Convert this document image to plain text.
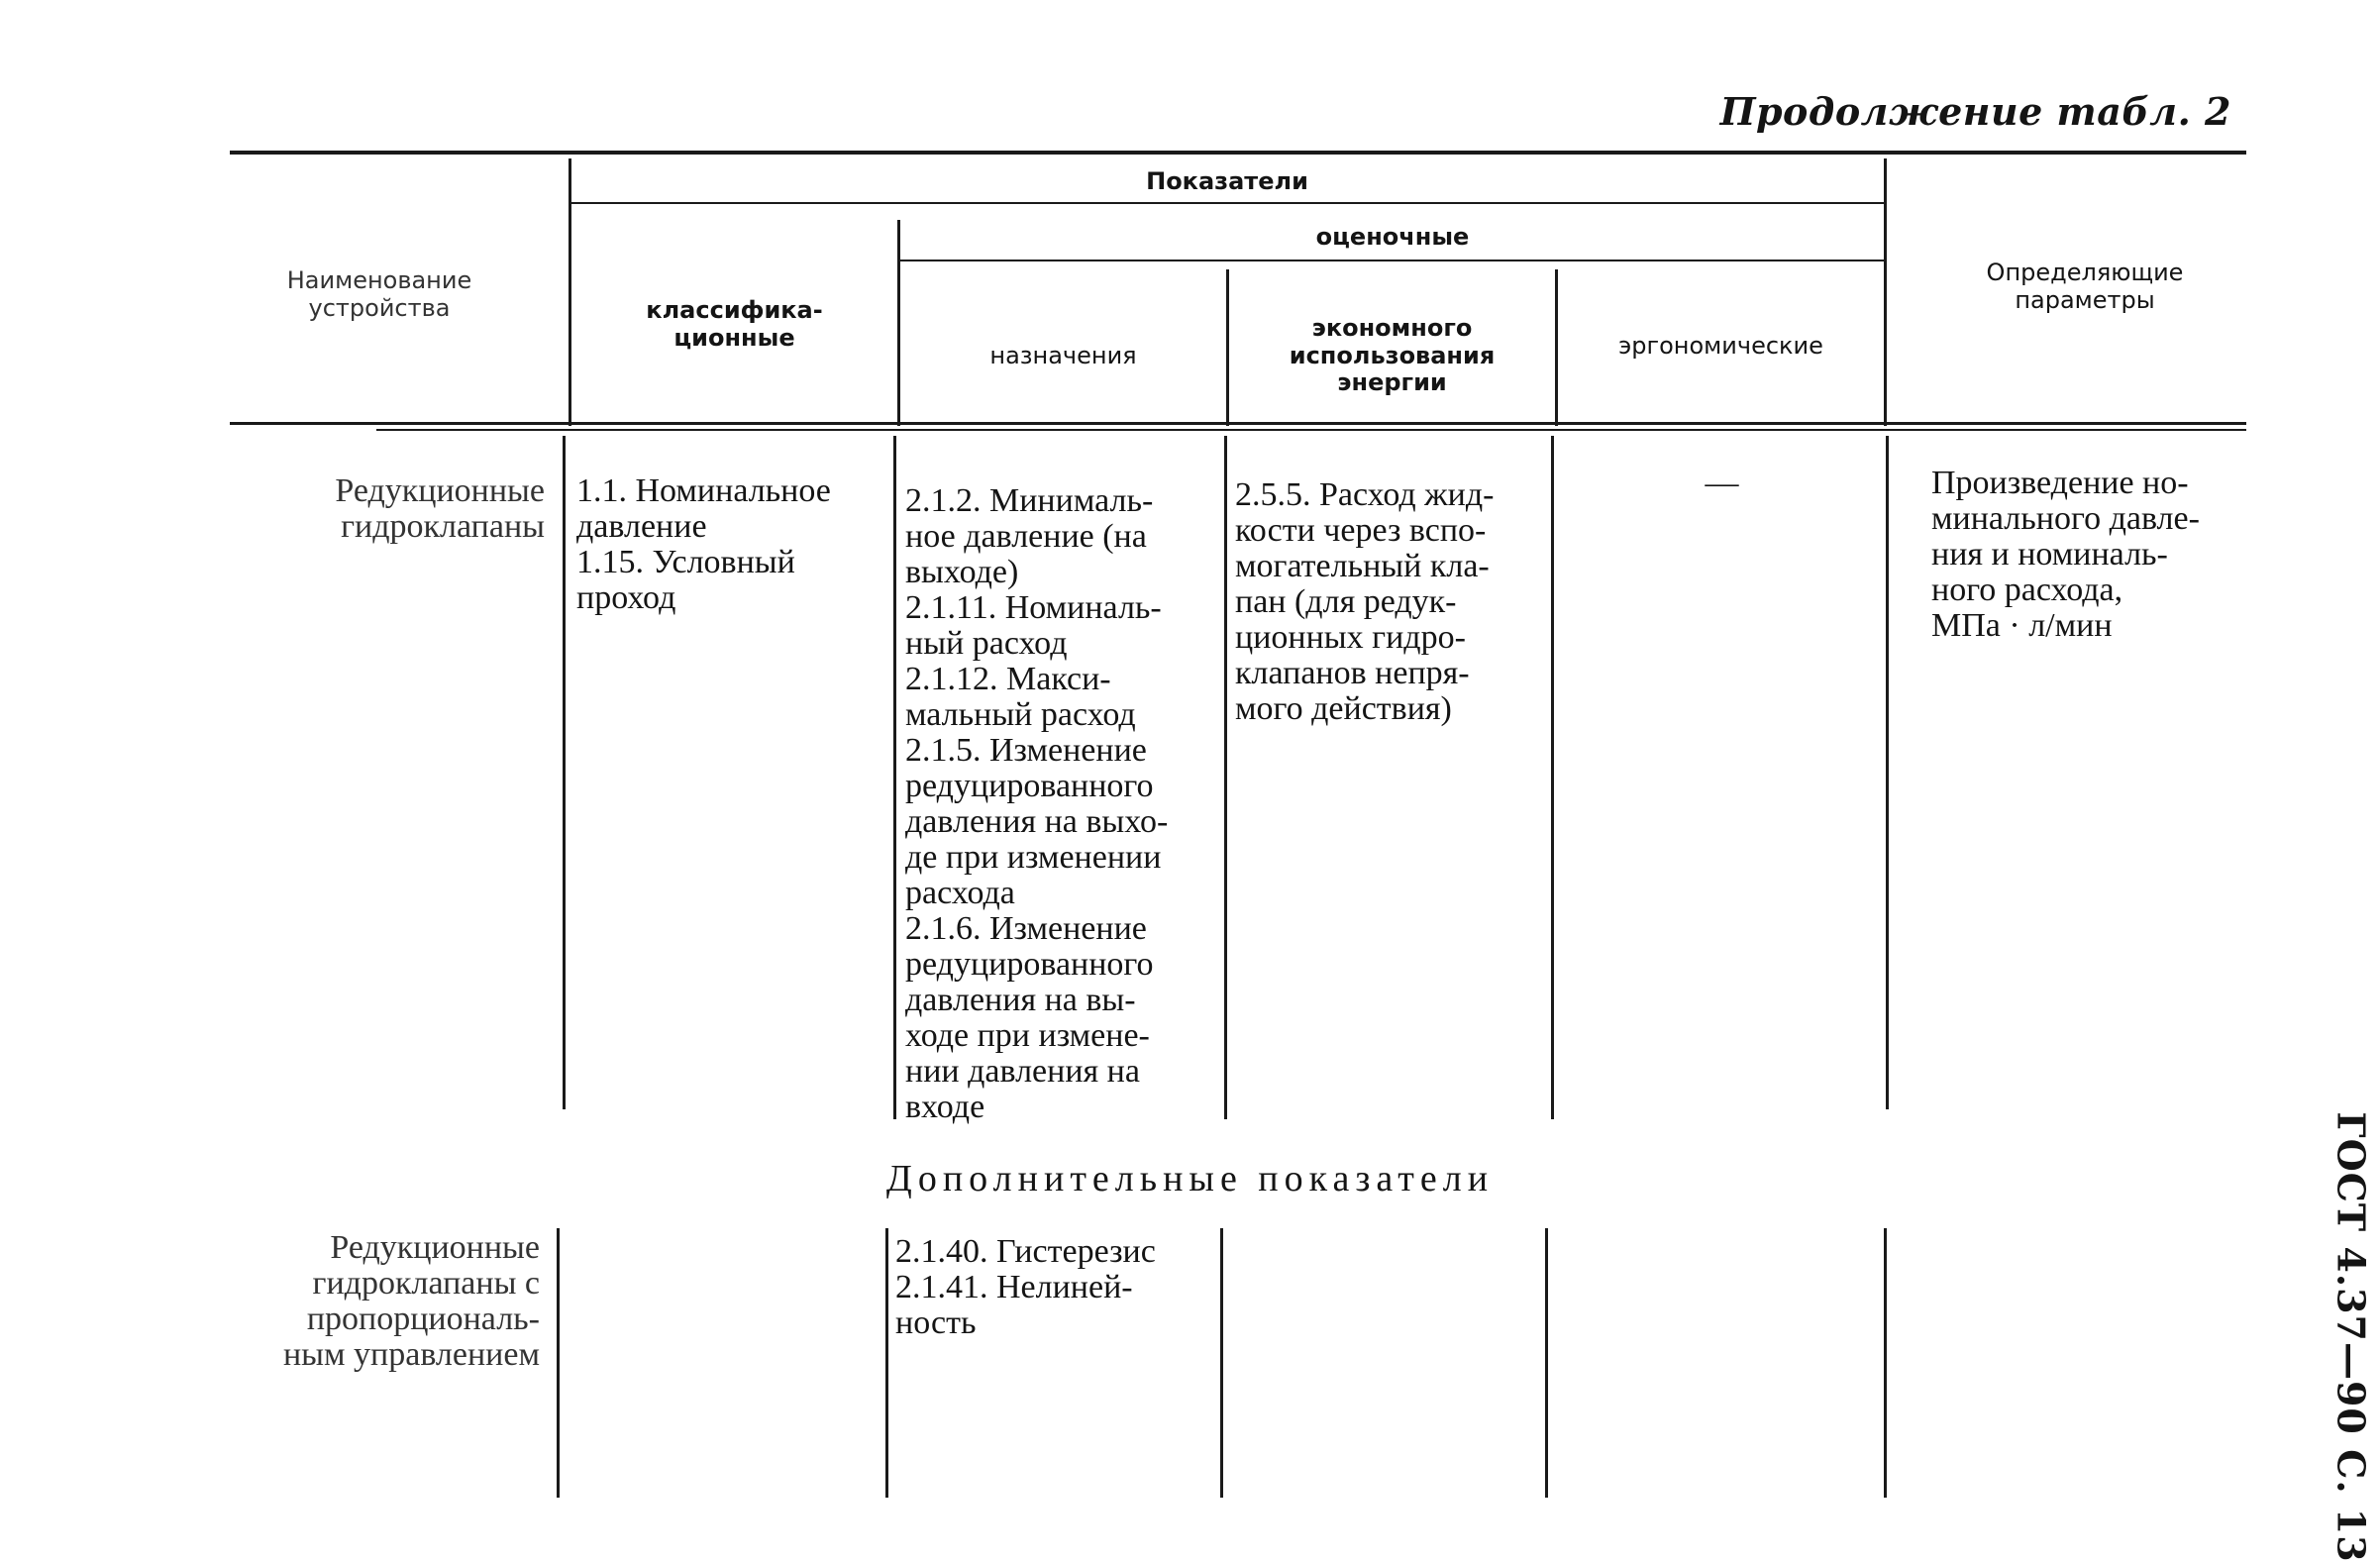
Продолжение табл. 2
Наименование
устройства
Показатели
классифика-
ционные
оценочные
назначения
экономного
использования
энергии
эргономические
Определяющие
параметры
Редукционные
гидроклапаны
1.1. Номинальное
давление
1.15. Условный
проход
2.1.2. Минималь-
ное давление (на
выходе)
2.1.11. Номиналь-
ный расход
2.1.12. Макси-
мальный расход
2.1.5. Изменение
редуцированного
давления на выхо-
де при изменении
расхода
2.1.6. Изменение
редуцированного
давления на вы-
ходе при измене-
нии давления на
входе
2.5.5. Расход жид-
кости через вспо-
могательный кла-
пан (для редук-
ционных гидро-
клапанов непря-
мого действия)
—	Произведение но-
минального давле-
ния и номиналь-
ного расхода,
МПа · л/мин
Дополнительные показатели
Редукционные
гидроклапаны с
пропорциональ-
ным управлением
2.1.40. Гистерезис
2.1.41. Нелиней-
ность	ГОСТ 4.37—90 С. 13
